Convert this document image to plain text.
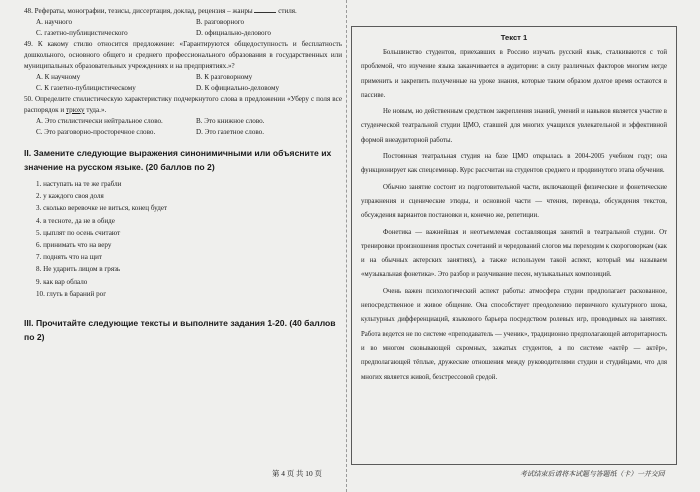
48. Рефераты, монографии, тезисы, диссертация, доклад, рецензия – жанры	стиля.

A. научного	B. разговорного
C. газетно-публицистического	D. официально-делового

49. К какому стилю относится предложение: «Гарантируются общедоступность и бесплатность дошкольного, основного общего и среднего профессионального образования в государственных или муниципальных образовательных учреждениях и на предприятиях.»?

A. К научному	B. К разговорному
C. К газетно-публицистическому	D. К официально-деловому

50. Определите стилистическую характеристику подчеркнутого слова в предложении «Уберу с поля все распорядок и трюху туда.».

A. Это стилистически нейтральное слово.	B. Это книжное слово.
C. Это разговорно-просторечное слово.	D. Это газетное слово.

II. Замените следующие выражения синонимичными или объясните их значение на русском языке. (20 баллов по 2)

1. наступать на те же грабли
2. у каждого своя доля
3. сколько веревочке не виться, конец будет
4. в тесноте, да не в обиде
5. цыплят по осень считают
6. принимать что на веру
7. поднять что на щит
8. Не ударить лицом в грязь
9. как вар облало
10. глуть в бараний рог

III. Прочитайте следующие тексты и выполните задания 1-20. (40 баллов по 2)

Текст 1

Большинство студентов, приехавших в Россию изучать русский язык, сталкиваются с той проблемой, что изучение языка заканчивается в аудитории: в силу различных факторов многим негде применить и закрепить полученные на уроке знания, которые таким образом долгое время остаются в пассиве.

Не новым, но действенным средством закрепления знаний, умений и навыков является участие в студенческой театральной студии ЦМО, ставшей для многих учащихся увлекательной и эффективной формой внеаудиторной работы.

Постоянная театральная студия на базе ЦМО открылась в 2004-2005 учебном году; она функционирует как спецсеминар. Курс рассчитан на студентов среднего и продвинутого этапа обучения.

Обычно занятие состоит из подготовительной части, включающей физические и фонетические упражнения и сценические этюды, и основной части — чтения, перевода, обсуждения текстов, обсуждения вариантов постановки и, конечно же, репетиции.

Фонетика — важнейшая и неотъемлемая составляющая занятий в театральной студии. От тренировки произношения простых сочетаний и чередований слогов мы переходим к скороговоркам (как и на обычных актерских занятиях), а также используем такой аспект, который мы называем «музыкальная фонетика». Это разбор и разучивание песен, музыкальных композиций.

Очень важен психологический аспект работы: атмосфера студии предполагает раскованное, непосредственное и живое общение. Она способствует преодолению первичного культурного шока, культурных дифференциаций, языкового барьера посредством ролевых игр, проводимых на занятиях. Работа ведется не по системе «преподаватель — ученик», традиционно предполагающей авторитарность и во многом сковывающей скромных, зажатых студентов, а по системе «актёр — актёр», предполагающей тёплые, дружеские отношения между руководителями студии и студийцами, что для многих является живой, безстрессовой средой.

第 4 页 共 10 页	考试结束后请将本试题与答题纸（卡）一并交回
